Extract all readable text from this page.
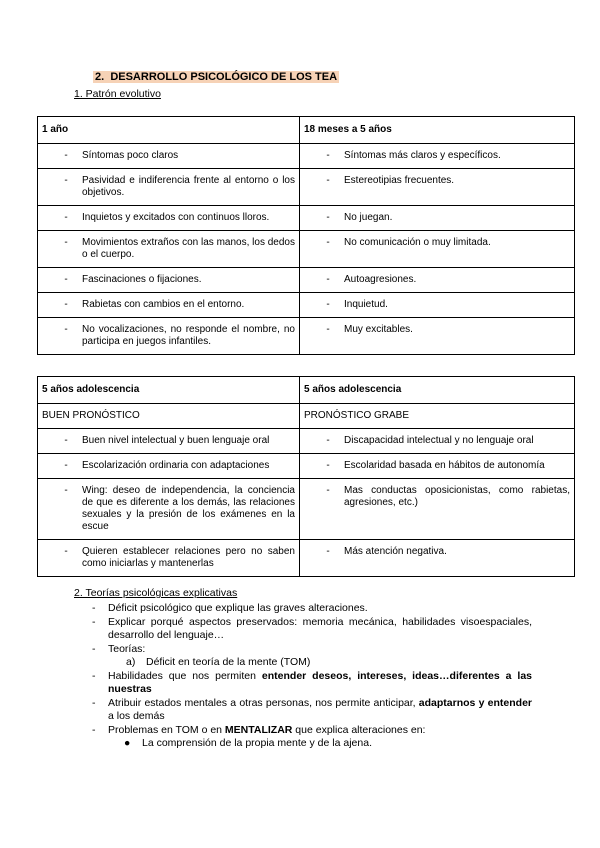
2. DESARROLLO PSICOLÓGICO DE LOS TEA
1. Patrón evolutivo
1 año	18 meses a 5 años

- Síntomas poco claros	- Síntomas más claros y específicos.

- Pasividad e indiferencia frente al entorno o los objetivos.	- Estereotipias frecuentes.

- Inquietos y excitados con continuos lloros.	- No juegan.

- Movimientos extraños con las manos, los dedos o el cuerpo.	- No comunicación o muy limitada.

- Fascinaciones o fijaciones.	- Autoagresiones.

- Rabietas con cambios en el entorno.	- Inquietud.

- No vocalizaciones, no responde el nombre, no participa en juegos infantiles.	- Muy excitables.
5 años adolescencia	5 años adolescencia
BUEN PRONÓSTICO	PRONÓSTICO GRABE

- Buen nivel intelectual y buen lenguaje oral	- Discapacidad intelectual y no lenguaje oral

- Escolarización ordinaria con adaptaciones	- Escolaridad basada en hábitos de autonomía

- Wing: deseo de independencia, la conciencia de que es diferente a los demás, las relaciones sexuales y la presión de los exámenes en la escue	- Mas conductas oposicionistas, como rabietas, agresiones, etc.)

- Quieren establecer relaciones pero no saben como iniciarlas y mantenerlas	- Más atención negativa.
2. Teorías psicológicas explicativas
-	Déficit psicológico que explique las graves alteraciones.
-	Explicar porqué aspectos preservados: memoria mecánica, habilidades visoespaciales, desarrollo del lenguaje…
-	Teorías:
a)	Déficit en teoría de la mente (TOM)
-	Habilidades que nos permiten entender deseos, intereses, ideas…diferentes a las nuestras
-	Atribuir estados mentales a otras personas, nos permite anticipar, adaptarnos y entender a los demás
-	Problemas en TOM o en MENTALIZAR que explica alteraciones en:
●	La comprensión de la propia mente y de la ajena.
